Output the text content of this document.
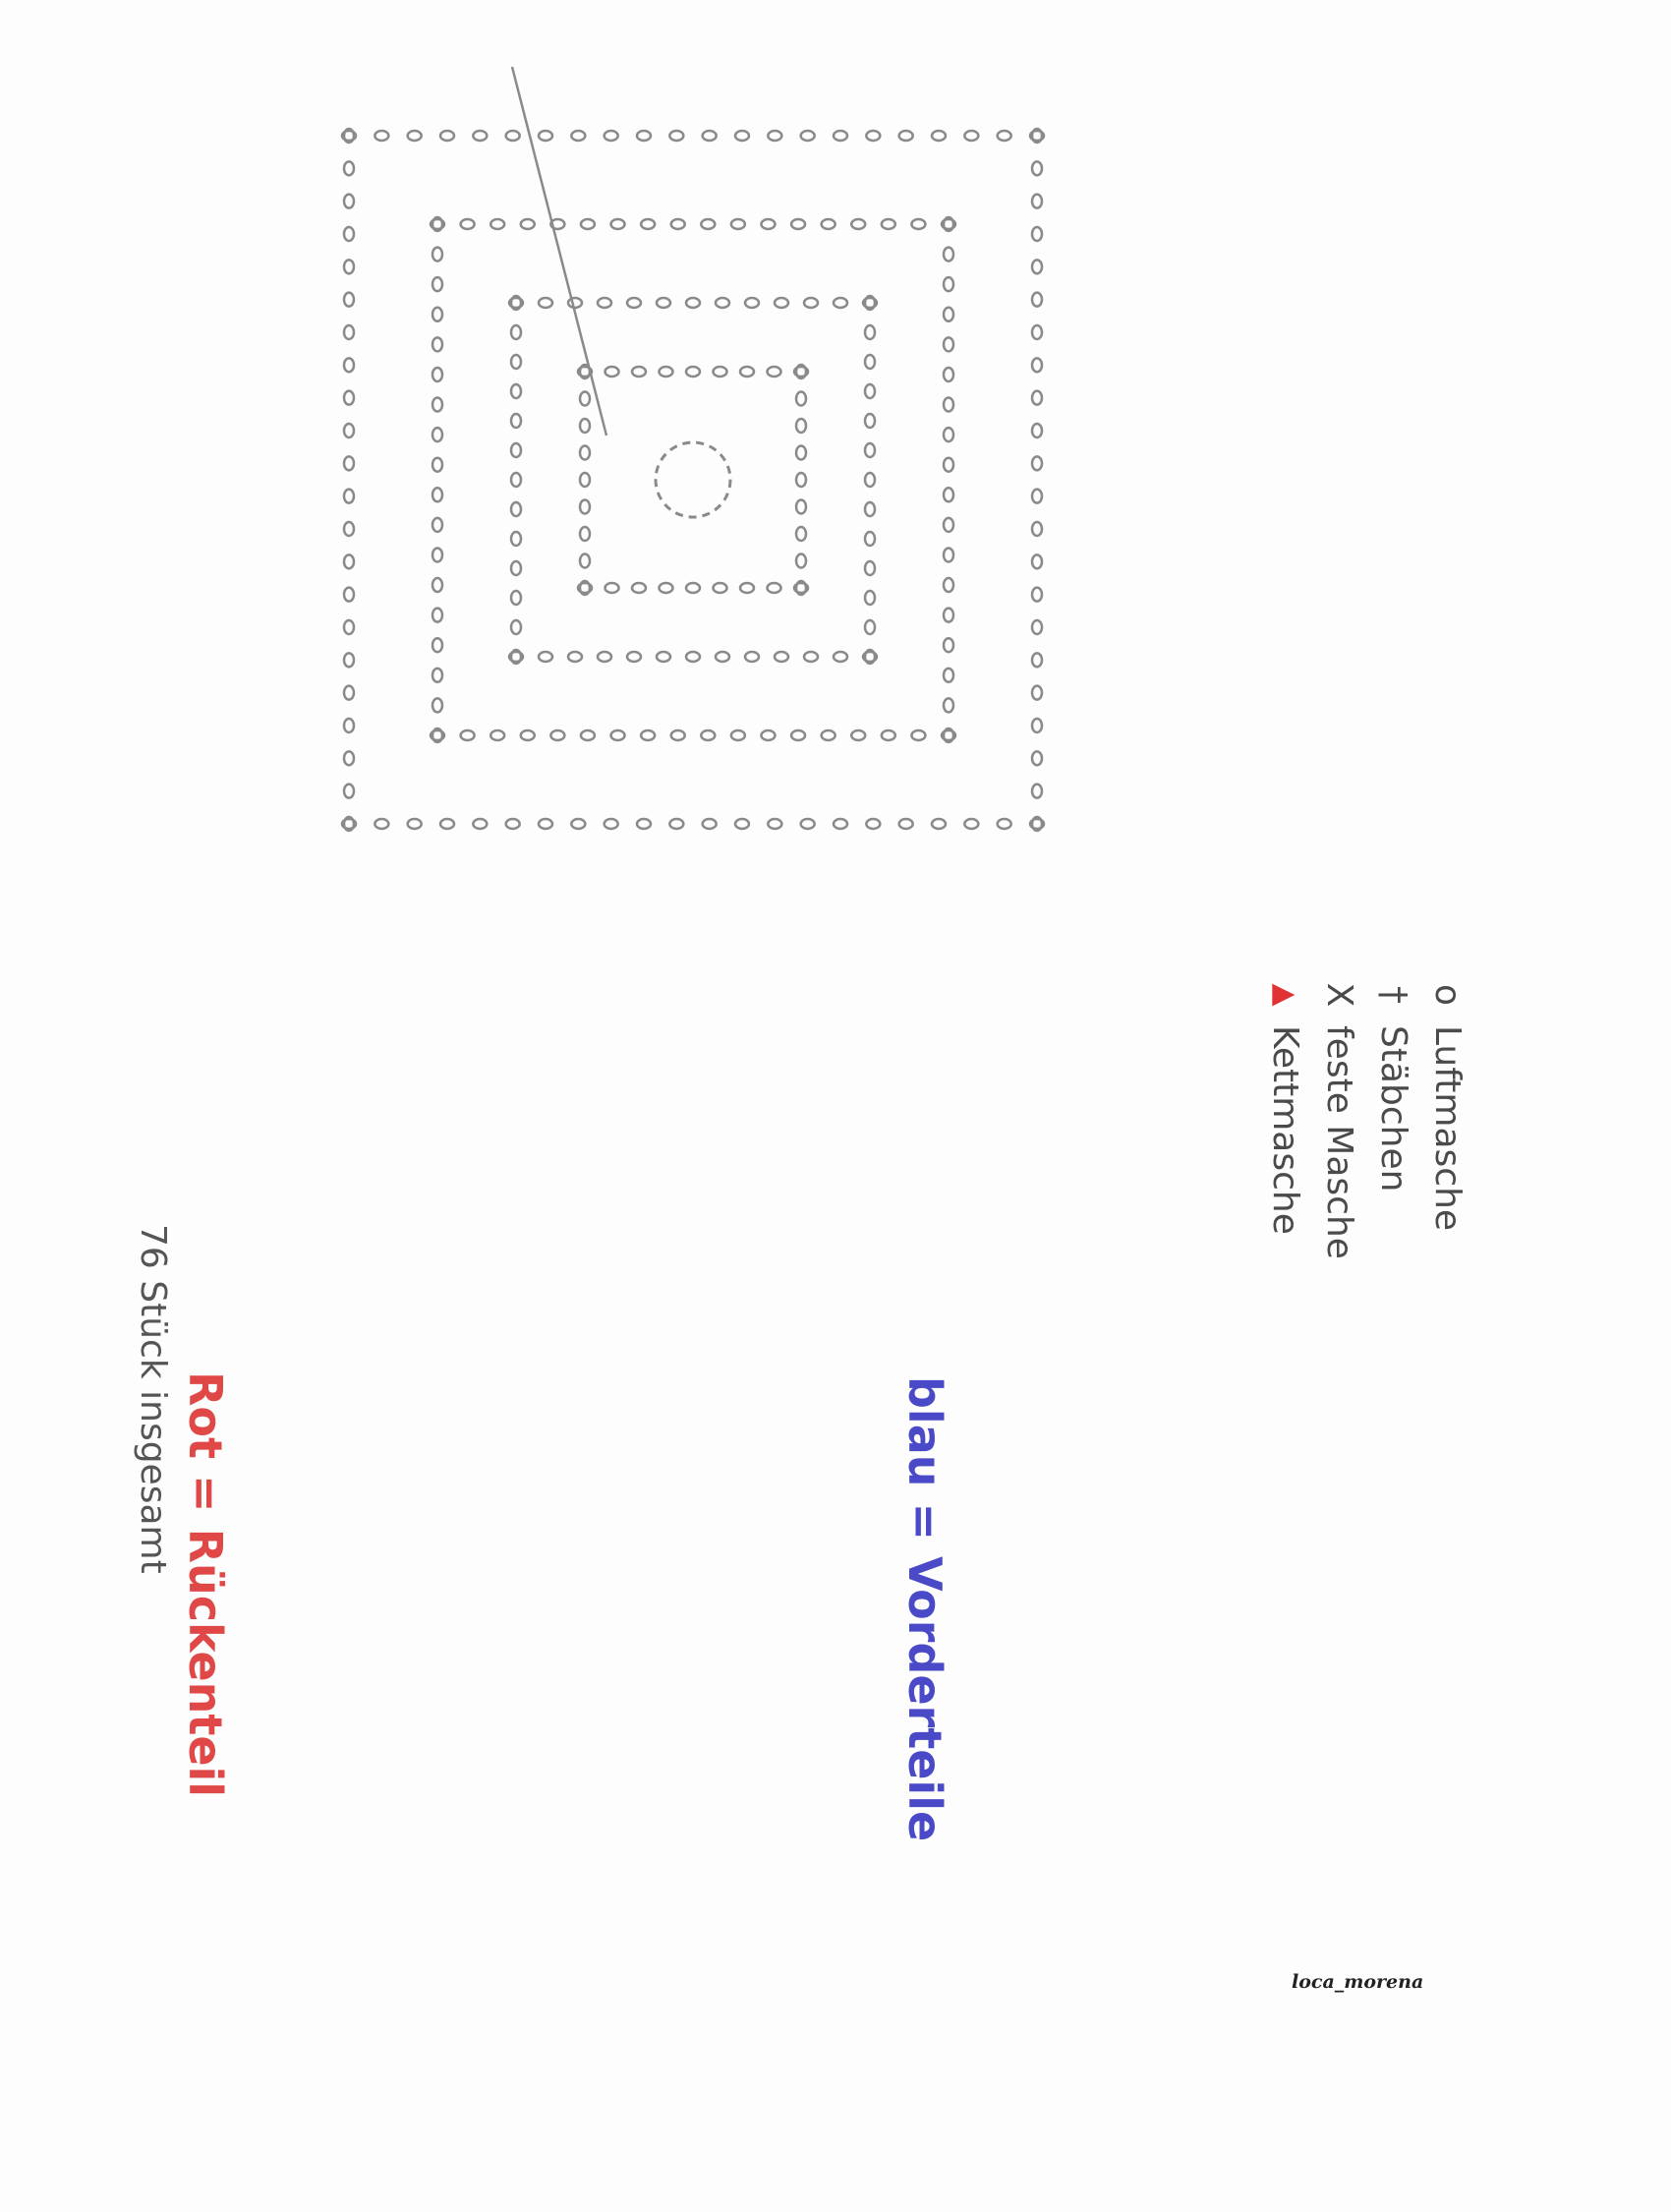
o
Luftmasche
†
Stäbchen
X
feste Masche
▲
Kettmasche
blau = Vorderteile
Rot = Rückenteil
76 Stück insgesamt
loca_morena
